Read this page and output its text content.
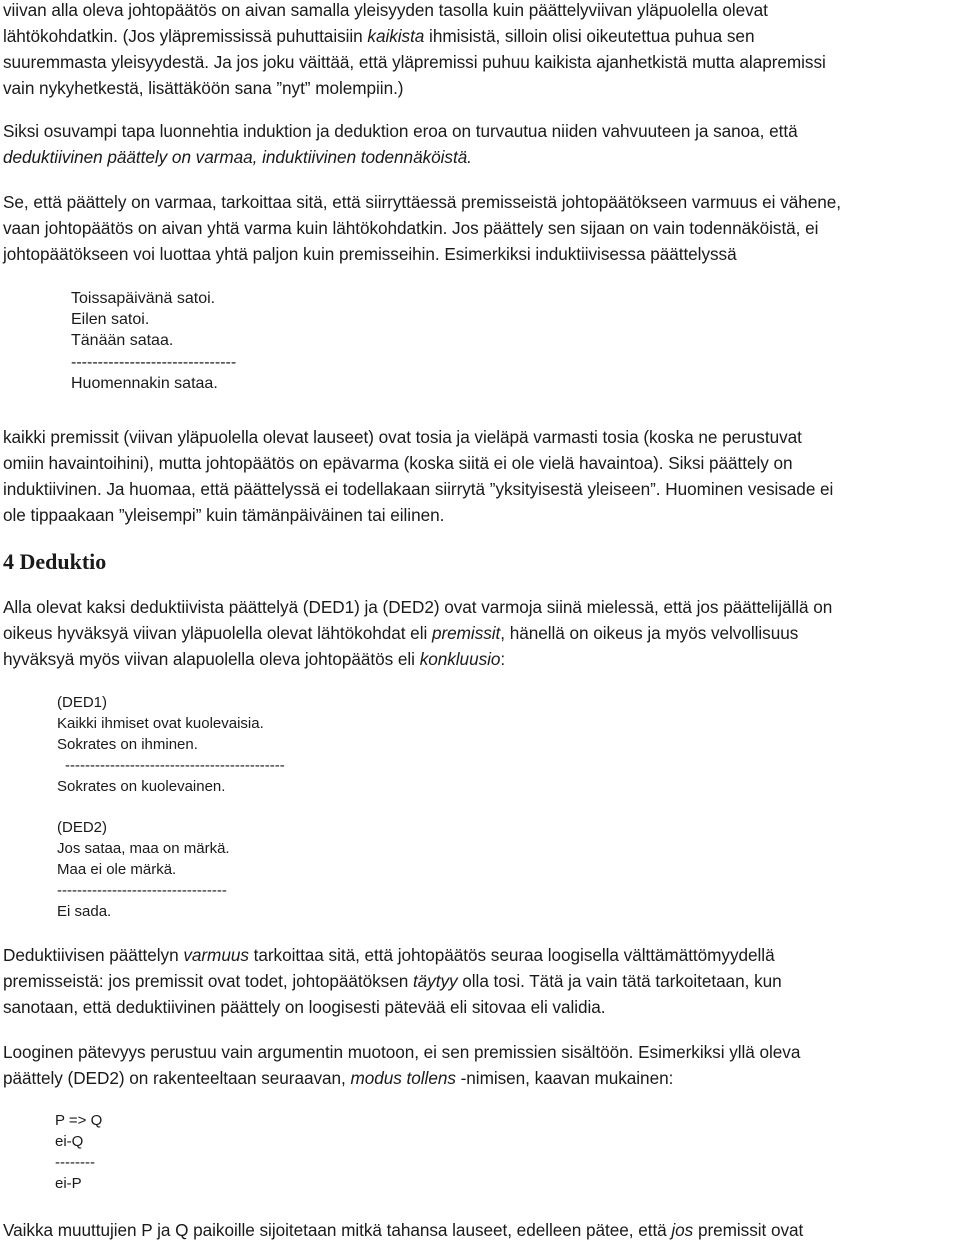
viivan alla oleva johtopäätös on aivan samalla yleisyyden tasolla kuin päättelyviivan yläpuolella olevat

lähtökohdatkin. (Jos yläpremississä puhuttaisiin kaikista ihmisistä, silloin olisi oikeutettua puhua sen

suuremmasta yleisyydestä. Ja jos joku väittää, että yläpremissi puhuu kaikista ajanhetkistä mutta alapremissi

vain nykyhetkestä, lisättäköön sana ”nyt” molempiin.)

Siksi osuvampi tapa luonnehtia induktion ja deduktion eroa on turvautua niiden vahvuuteen ja sanoa, että

deduktiivinen päättely on varmaa, induktiivinen todennäköistä.

Se, että päättely on varmaa, tarkoittaa sitä, että siirryttäessä premisseistä johtopäätökseen varmuus ei vähene,

vaan johtopäätös on aivan yhtä varma kuin lähtökohdatkin. Jos päättely sen sijaan on vain todennäköistä, ei

johtopäätökseen voi luottaa yhtä paljon kuin premisseihin. Esimerkiksi induktiivisessa päättelyssä

Toissapäivänä satoi.
Eilen satoi.
Tänään sataa.
-------------------------------
Huomennakin sataa.

kaikki premissit (viivan yläpuolella olevat lauseet) ovat tosia ja vieläpä varmasti tosia (koska ne perustuvat

omiin havaintoihini), mutta johtopäätös on epävarma (koska siitä ei ole vielä havaintoa). Siksi päättely on

induktiivinen. Ja huomaa, että päättelyssä ei todellakaan siirrytä ”yksityisestä yleiseen”. Huominen vesisade ei

ole tippaakaan ”yleisempi” kuin tämänpäiväinen tai eilinen.

4 Deduktio

Alla olevat kaksi deduktiivista päättelyä (DED1) ja (DED2) ovat varmoja siinä mielessä, että jos päättelijällä on

oikeus hyväksyä viivan yläpuolella olevat lähtökohdat eli premissit, hänellä on oikeus ja myös velvollisuus

hyväksyä myös viivan alapuolella oleva johtopäätös eli konkluusio:

(DED1)
Kaikki ihmiset ovat kuolevaisia.
Sokrates on ihminen.
--------------------------------------------
Sokrates on kuolevainen.
(DED2)
Jos sataa, maa on märkä.
Maa ei ole märkä.
----------------------------------
Ei sada.

Deduktiivisen päättelyn varmuus tarkoittaa sitä, että johtopäätös seuraa loogisella välttämättömyydellä

premisseistä: jos premissit ovat todet, johtopäätöksen täytyy olla tosi. Tätä ja vain tätä tarkoitetaan, kun

sanotaan, että deduktiivinen päättely on loogisesti pätevää eli sitovaa eli validia.

Looginen pätevyys perustuu vain argumentin muotoon, ei sen premissien sisältöön. Esimerkiksi yllä oleva

päättely (DED2) on rakenteeltaan seuraavan, modus tollens -nimisen, kaavan mukainen:

P => Q
ei-Q
--------
ei-P

Vaikka muuttujien P ja Q paikoille sijoitetaan mitkä tahansa lauseet, edelleen pätee, että jos premissit ovat
